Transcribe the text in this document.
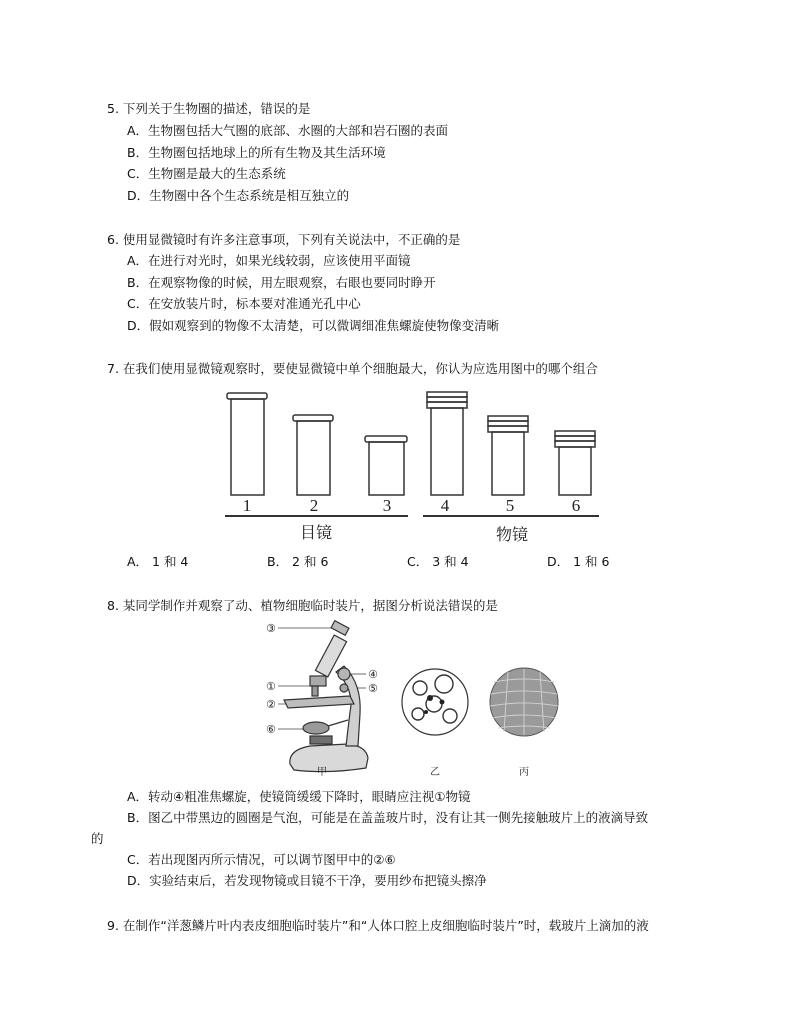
5. 下列关于生物圈的描述，错误的是
A．生物圈包括大气圈的底部、水圈的大部和岩石圈的表面
B．生物圈包括地球上的所有生物及其生活环境
C．生物圈是最大的生态系统
D．生物圈中各个生态系统是相互独立的
6. 使用显微镜时有许多注意事项，下列有关说法中，不正确的是
A．在进行对光时，如果光线较弱，应该使用平面镜
B．在观察物像的时候，用左眼观察，右眼也要同时睁开
C．在安放装片时，标本要对准通光孔中心
D．假如观察到的物像不太清楚，可以微调细准焦螺旋使物像变清晰
7. 在我们使用显微镜观察时，要使显微镜中单个细胞最大，你认为应选用图中的哪个组合
1	2	3	4	5	6
目镜	物镜
A． 1 和 4	B． 2 和 6	C． 3 和 4	D． 1 和 6
8. 某同学制作并观察了动、植物细胞临时装片，据图分析说法错误的是
③
④
①	⑤
②
⑥
甲	乙	丙
A．转动④粗准焦螺旋，使镜筒缓缓下降时，眼睛应注视①物镜
B．图乙中带黑边的圆圈是气泡，可能是在盖盖玻片时，没有让其一侧先接触玻片上的液滴导致
的
C．若出现图丙所示情况，可以调节图甲中的②⑥
D．实验结束后，若发现物镜或目镜不干净，要用纱布把镜头擦净
9. 在制作“洋葱鳞片叶内表皮细胞临时装片”和“人体口腔上皮细胞临时装片”时，载玻片上滴加的液
